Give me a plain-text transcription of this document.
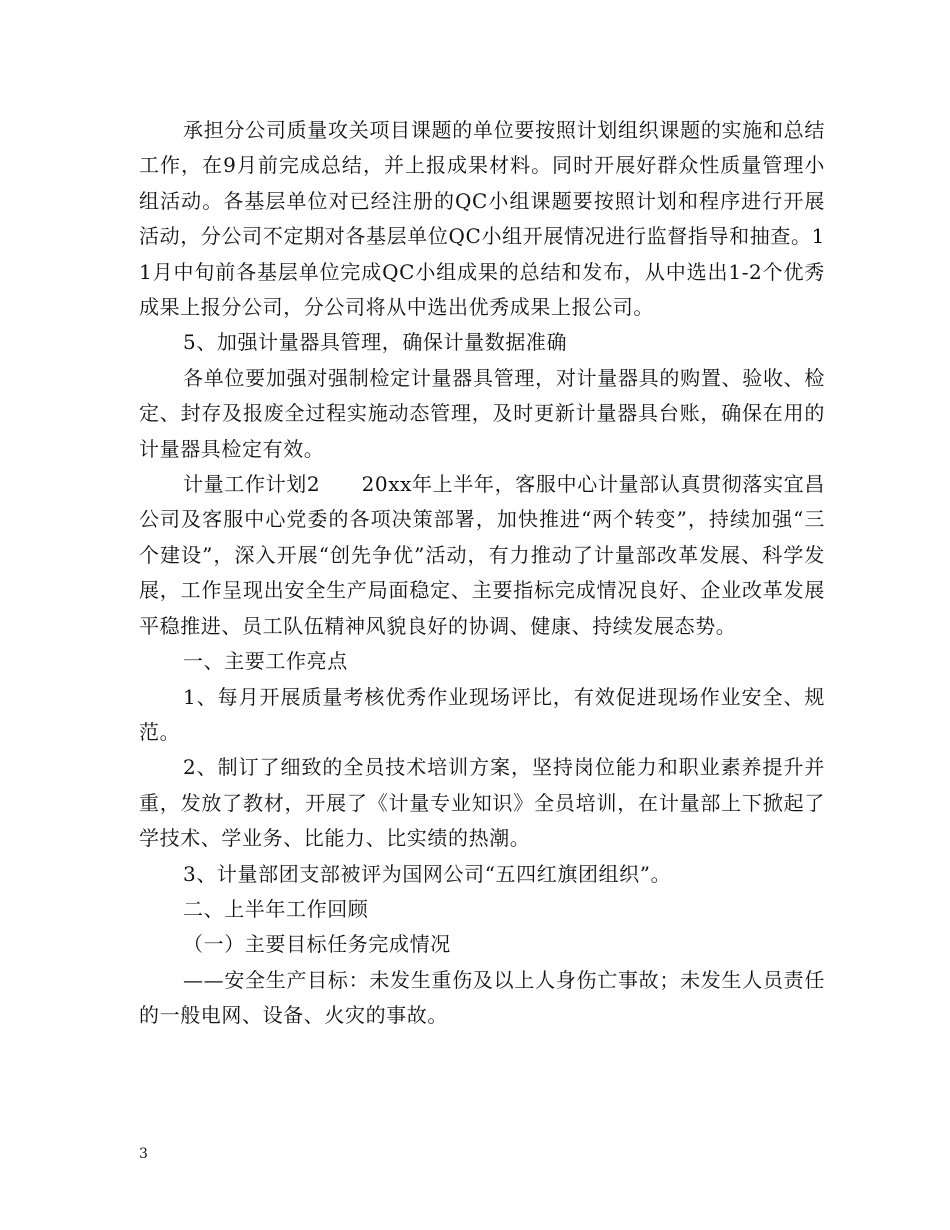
承担分公司质量攻关项目课题的单位要按照计划组织课题的实施和总结工作，在9月前完成总结，并上报成果材料。同时开展好群众性质量管理小组活动。各基层单位对已经注册的QC小组课题要按照计划和程序进行开展活动，分公司不定期对各基层单位QC小组开展情况进行监督指导和抽查。11月中旬前各基层单位完成QC小组成果的总结和发布，从中选出1-2个优秀成果上报分公司，分公司将从中选出优秀成果上报公司。

5、加强计量器具管理，确保计量数据准确

各单位要加强对强制检定计量器具管理，对计量器具的购置、验收、检定、封存及报废全过程实施动态管理，及时更新计量器具台账，确保在用的计量器具检定有效。

计量工作计划2　　20xx年上半年，客服中心计量部认真贯彻落实宜昌公司及客服中心党委的各项决策部署，加快推进“两个转变”，持续加强“三个建设”，深入开展“创先争优”活动，有力推动了计量部改革发展、科学发展，工作呈现出安全生产局面稳定、主要指标完成情况良好、企业改革发展平稳推进、员工队伍精神风貌良好的协调、健康、持续发展态势。

一、主要工作亮点

1、每月开展质量考核优秀作业现场评比，有效促进现场作业安全、规范。

2、制订了细致的全员技术培训方案，坚持岗位能力和职业素养提升并重，发放了教材，开展了《计量专业知识》全员培训，在计量部上下掀起了学技术、学业务、比能力、比实绩的热潮。

3、计量部团支部被评为国网公司“五四红旗团组织”。

二、上半年工作回顾

（一）主要目标任务完成情况

——安全生产目标：未发生重伤及以上人身伤亡事故；未发生人员责任的一般电网、设备、火灾的事故。

3
